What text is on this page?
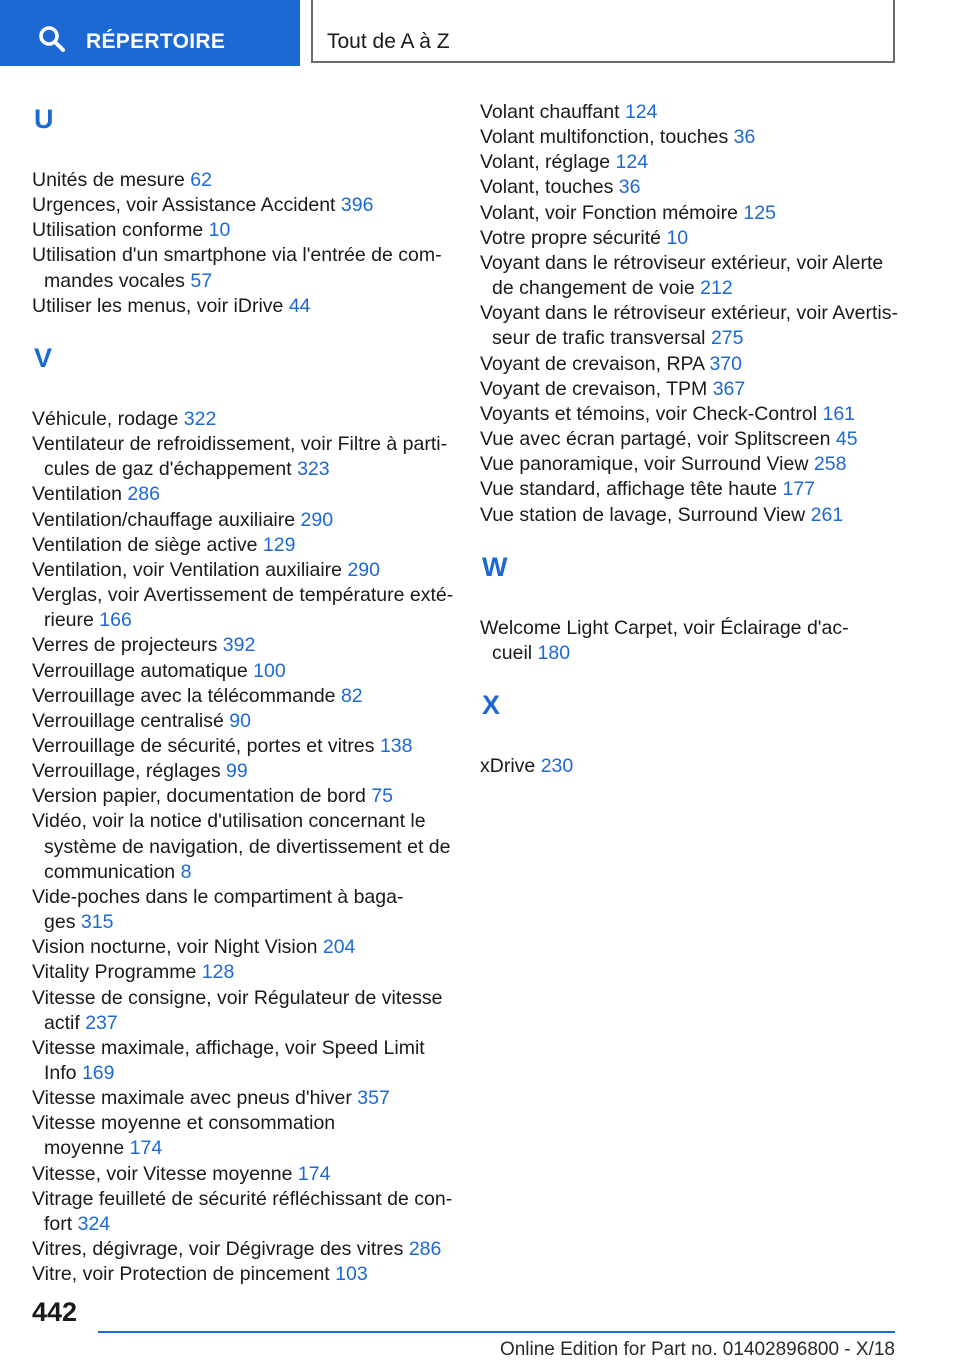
RÉPERTOIRE	Tout de A à Z
U
Unités de mesure 62
Urgences, voir Assistance Accident 396
Utilisation conforme 10
Utilisation d'un smartphone via l'entrée de com‐
mandes vocales 57
Utiliser les menus, voir iDrive 44
V
Véhicule, rodage 322
Ventilateur de refroidissement, voir Filtre à parti‐
cules de gaz d'échappement 323
Ventilation 286
Ventilation/chauffage auxiliaire 290
Ventilation de siège active 129
Ventilation, voir Ventilation auxiliaire 290
Verglas, voir Avertissement de température exté‐
rieure 166
Verres de projecteurs 392
Verrouillage automatique 100
Verrouillage avec la télécommande 82
Verrouillage centralisé 90
Verrouillage de sécurité, portes et vitres 138
Verrouillage, réglages 99
Version papier, documentation de bord 75
Vidéo, voir la notice d'utilisation concernant le
système de navigation, de divertissement et de
communication 8
Vide-poches dans le compartiment à baga‐
ges 315
Vision nocturne, voir Night Vision 204
Vitality Programme 128
Vitesse de consigne, voir Régulateur de vitesse
actif 237
Vitesse maximale, affichage, voir Speed Limit
Info 169
Vitesse maximale avec pneus d'hiver 357
Vitesse moyenne et consommation
moyenne 174
Vitesse, voir Vitesse moyenne 174
Vitrage feuilleté de sécurité réfléchissant de con‐
fort 324
Vitres, dégivrage, voir Dégivrage des vitres 286
Vitre, voir Protection de pincement 103
Volant chauffant 124
Volant multifonction, touches 36
Volant, réglage 124
Volant, touches 36
Volant, voir Fonction mémoire 125
Votre propre sécurité 10
Voyant dans le rétroviseur extérieur, voir Alerte
de changement de voie 212
Voyant dans le rétroviseur extérieur, voir Avertis‐
seur de trafic transversal 275
Voyant de crevaison, RPA 370
Voyant de crevaison, TPM 367
Voyants et témoins, voir Check-Control 161
Vue avec écran partagé, voir Splitscreen 45
Vue panoramique, voir Surround View 258
Vue standard, affichage tête haute 177
Vue station de lavage, Surround View 261
W
Welcome Light Carpet, voir Éclairage d'ac‐
cueil 180
X
xDrive 230
442
Online Edition for Part no. 01402896800 - X/18
